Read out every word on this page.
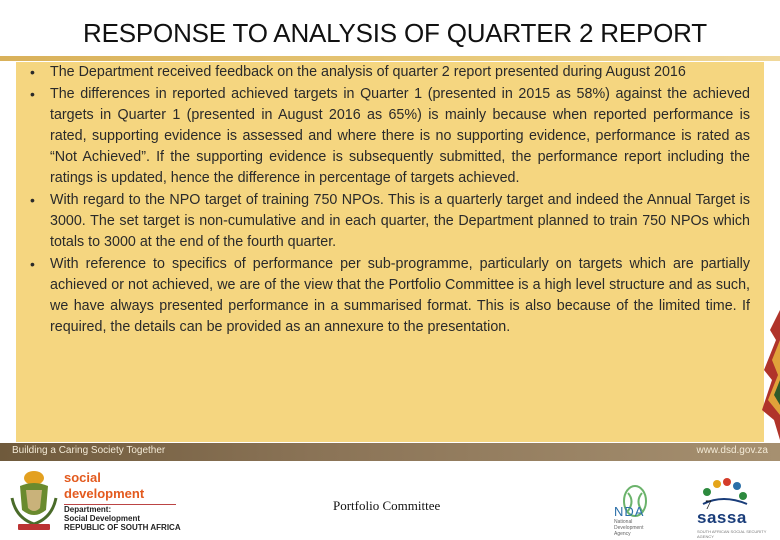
RESPONSE TO ANALYSIS OF QUARTER 2 REPORT
• The Department received feedback on the analysis of quarter 2 report presented during August 2016
• The differences in reported achieved targets in Quarter 1 (presented in 2015 as 58%) against the achieved targets in Quarter 1 (presented in August 2016 as 65%) is mainly because when reported performance is rated, supporting evidence is assessed and where there is no supporting evidence, performance is rated as “Not Achieved”. If the supporting evidence is subsequently submitted, the performance report including the ratings is updated, hence the difference in percentage of targets achieved.
• With regard to the NPO target of training 750 NPOs. This is a quarterly target and indeed the Annual Target is 3000. The set target is non-cumulative and in each quarter, the Department planned to train 750 NPOs which totals to 3000 at the end of the fourth quarter.
• With reference to specifics of performance per sub-programme, particularly on targets which are partially achieved or not achieved, we are of the view that the Portfolio Committee is a high level structure and as such, we have always presented performance in a summarised format. This is also because of the limited time. If required, the details can be provided as an annexure to the presentation.
Building a Caring Society Together	www.dsd.gov.za
social development
Department:
Social Development
REPUBLIC OF SOUTH AFRICA
Portfolio Committee	NDA
National Development Agency
7
sassa
SOUTH AFRICAN SOCIAL SECURITY AGENCY
